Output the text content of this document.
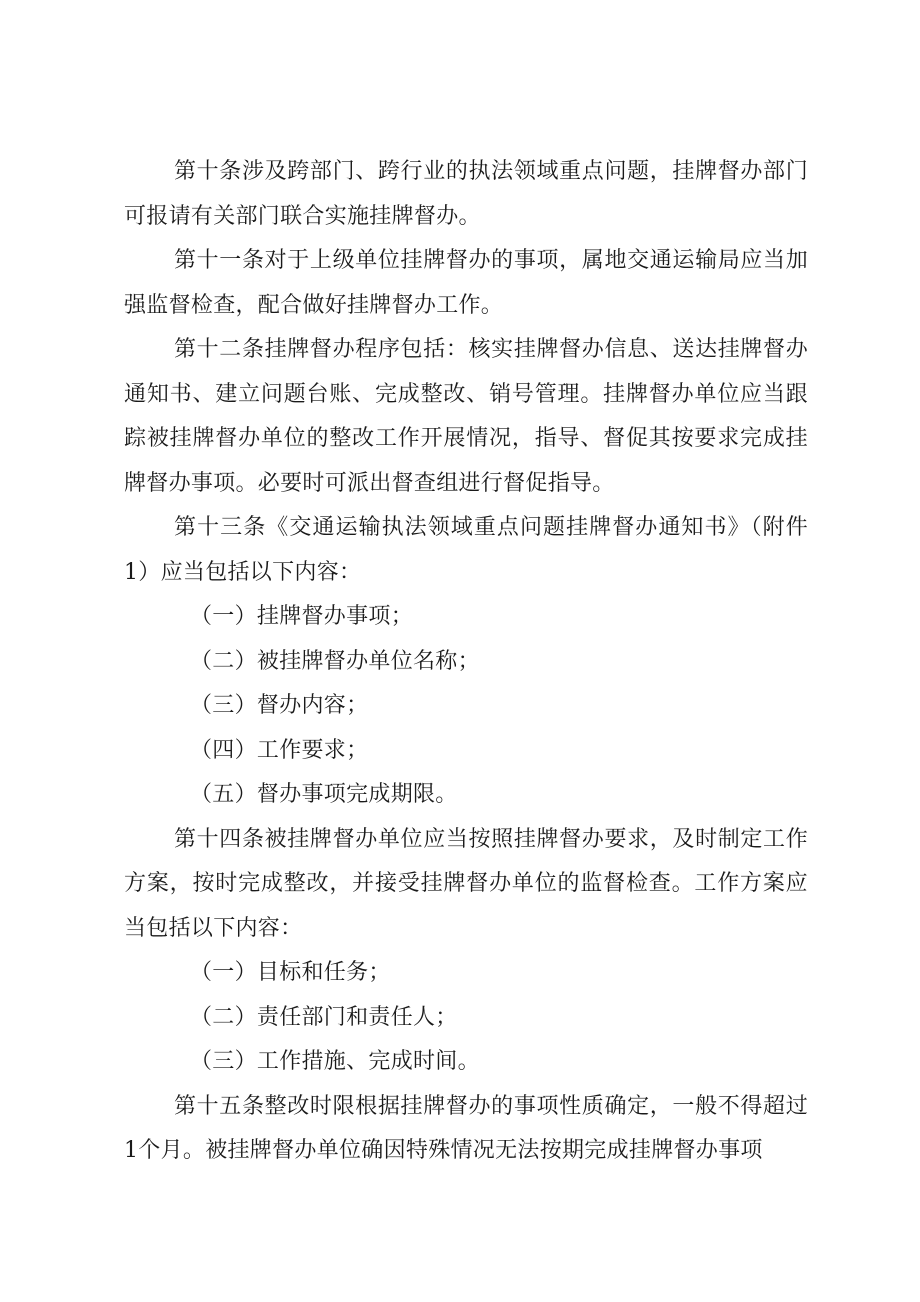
第十条涉及跨部门、跨行业的执法领域重点问题，挂牌督办部门可报请有关部门联合实施挂牌督办。

第十一条对于上级单位挂牌督办的事项，属地交通运输局应当加强监督检查，配合做好挂牌督办工作。

第十二条挂牌督办程序包括：核实挂牌督办信息、送达挂牌督办通知书、建立问题台账、完成整改、销号管理。挂牌督办单位应当跟踪被挂牌督办单位的整改工作开展情况，指导、督促其按要求完成挂牌督办事项。必要时可派出督查组进行督促指导。

第十三条《交通运输执法领域重点问题挂牌督办通知书》（附件1）应当包括以下内容：

（一）挂牌督办事项；

（二）被挂牌督办单位名称；

（三）督办内容；

（四）工作要求；

（五）督办事项完成期限。

第十四条被挂牌督办单位应当按照挂牌督办要求，及时制定工作方案，按时完成整改，并接受挂牌督办单位的监督检查。工作方案应当包括以下内容：

（一）目标和任务；

（二）责任部门和责任人；

（三）工作措施、完成时间。

第十五条整改时限根据挂牌督办的事项性质确定，一般不得超过1个月。被挂牌督办单位确因特殊情况无法按期完成挂牌督办事项
